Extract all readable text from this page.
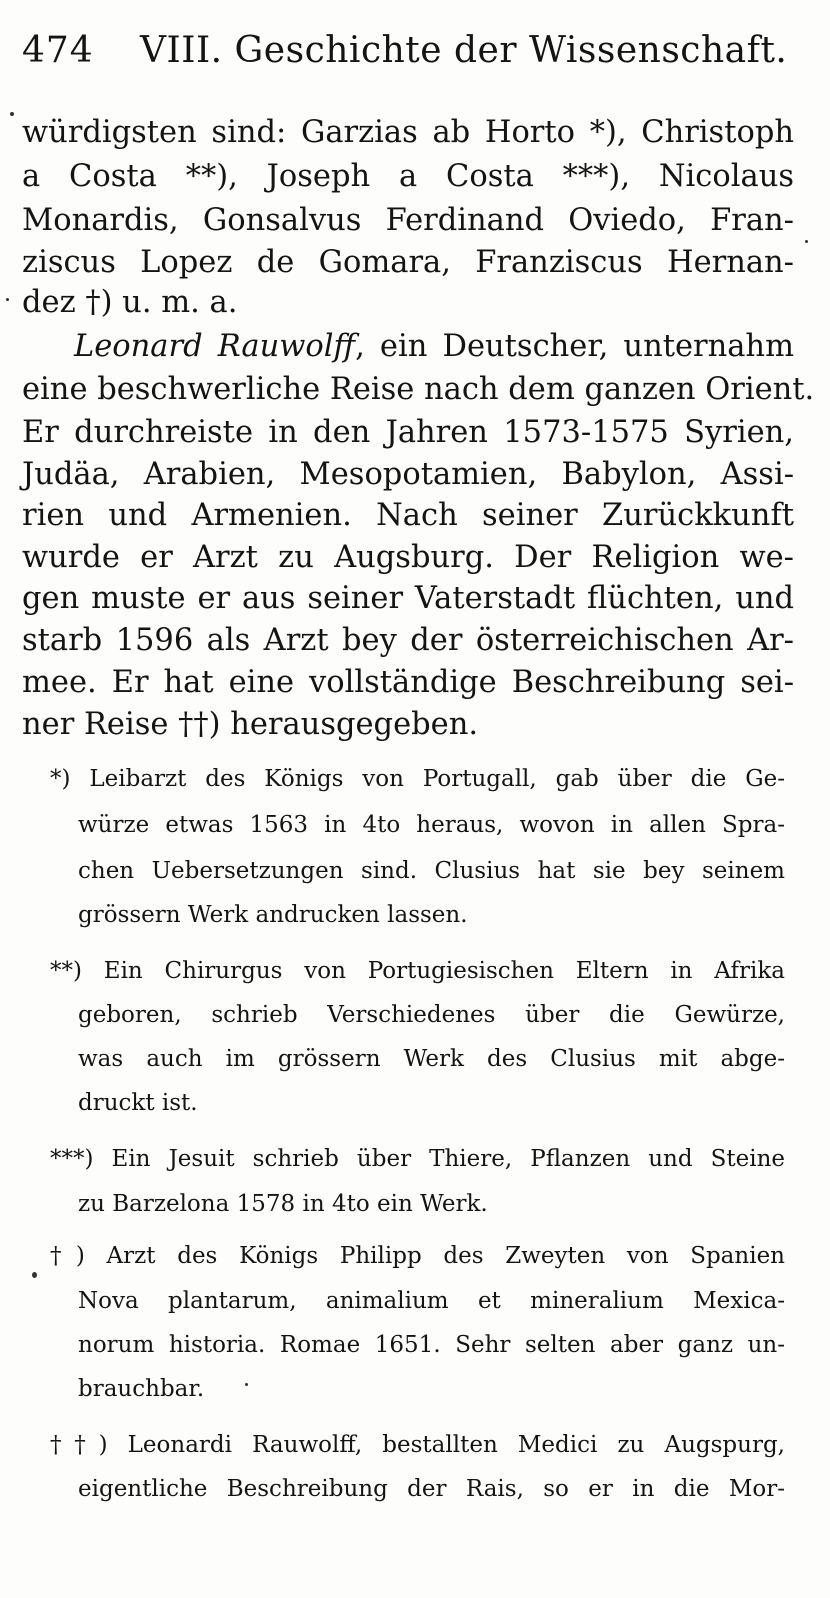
474 VIII. Geschichte der Wissenschaft.
würdigsten sind: Garzias ab Horto *), Christoph
a Costa **), Joseph a Costa ***), Nicolaus
Monardis, Gonsalvus Ferdinand Oviedo, Fran-
ziscus Lopez de Gomara, Franziscus Hernan-
dez †) u. m. a.
Leonard Rauwolff, ein Deutscher, unternahm
eine beschwerliche Reise nach dem ganzen Orient.
Er durchreiste in den Jahren 1573-1575 Syrien,
Judäa, Arabien, Mesopotamien, Babylon, Assi-
rien und Armenien. Nach seiner Zurückkunft
wurde er Arzt zu Augsburg. Der Religion we-
gen muste er aus seiner Vaterstadt flüchten, und
starb 1596 als Arzt bey der österreichischen Ar-
mee. Er hat eine vollständige Beschreibung sei-
ner Reise ††) herausgegeben.
*) Leibarzt des Königs von Portugall, gab über die Ge-
würze etwas 1563 in 4to heraus, wovon in allen Spra-
chen Uebersetzungen sind. Clusius hat sie bey seinem
grössern Werk andrucken lassen.
**) Ein Chirurgus von Portugiesischen Eltern in Afrika
geboren, schrieb Verschiedenes über die Gewürze,
was auch im grössern Werk des Clusius mit abge-
druckt ist.
***) Ein Jesuit schrieb über Thiere, Pflanzen und Steine
zu Barzelona 1578 in 4to ein Werk.
†) Arzt des Königs Philipp des Zweyten von Spanien
Nova plantarum, animalium et mineralium Mexica-
norum historia. Romae 1651. Sehr selten aber ganz un-
brauchbar.
††) Leonardi Rauwolff, bestallten Medici zu Augspurg,
eigentliche Beschreibung der Rais, so er in die Mor-
